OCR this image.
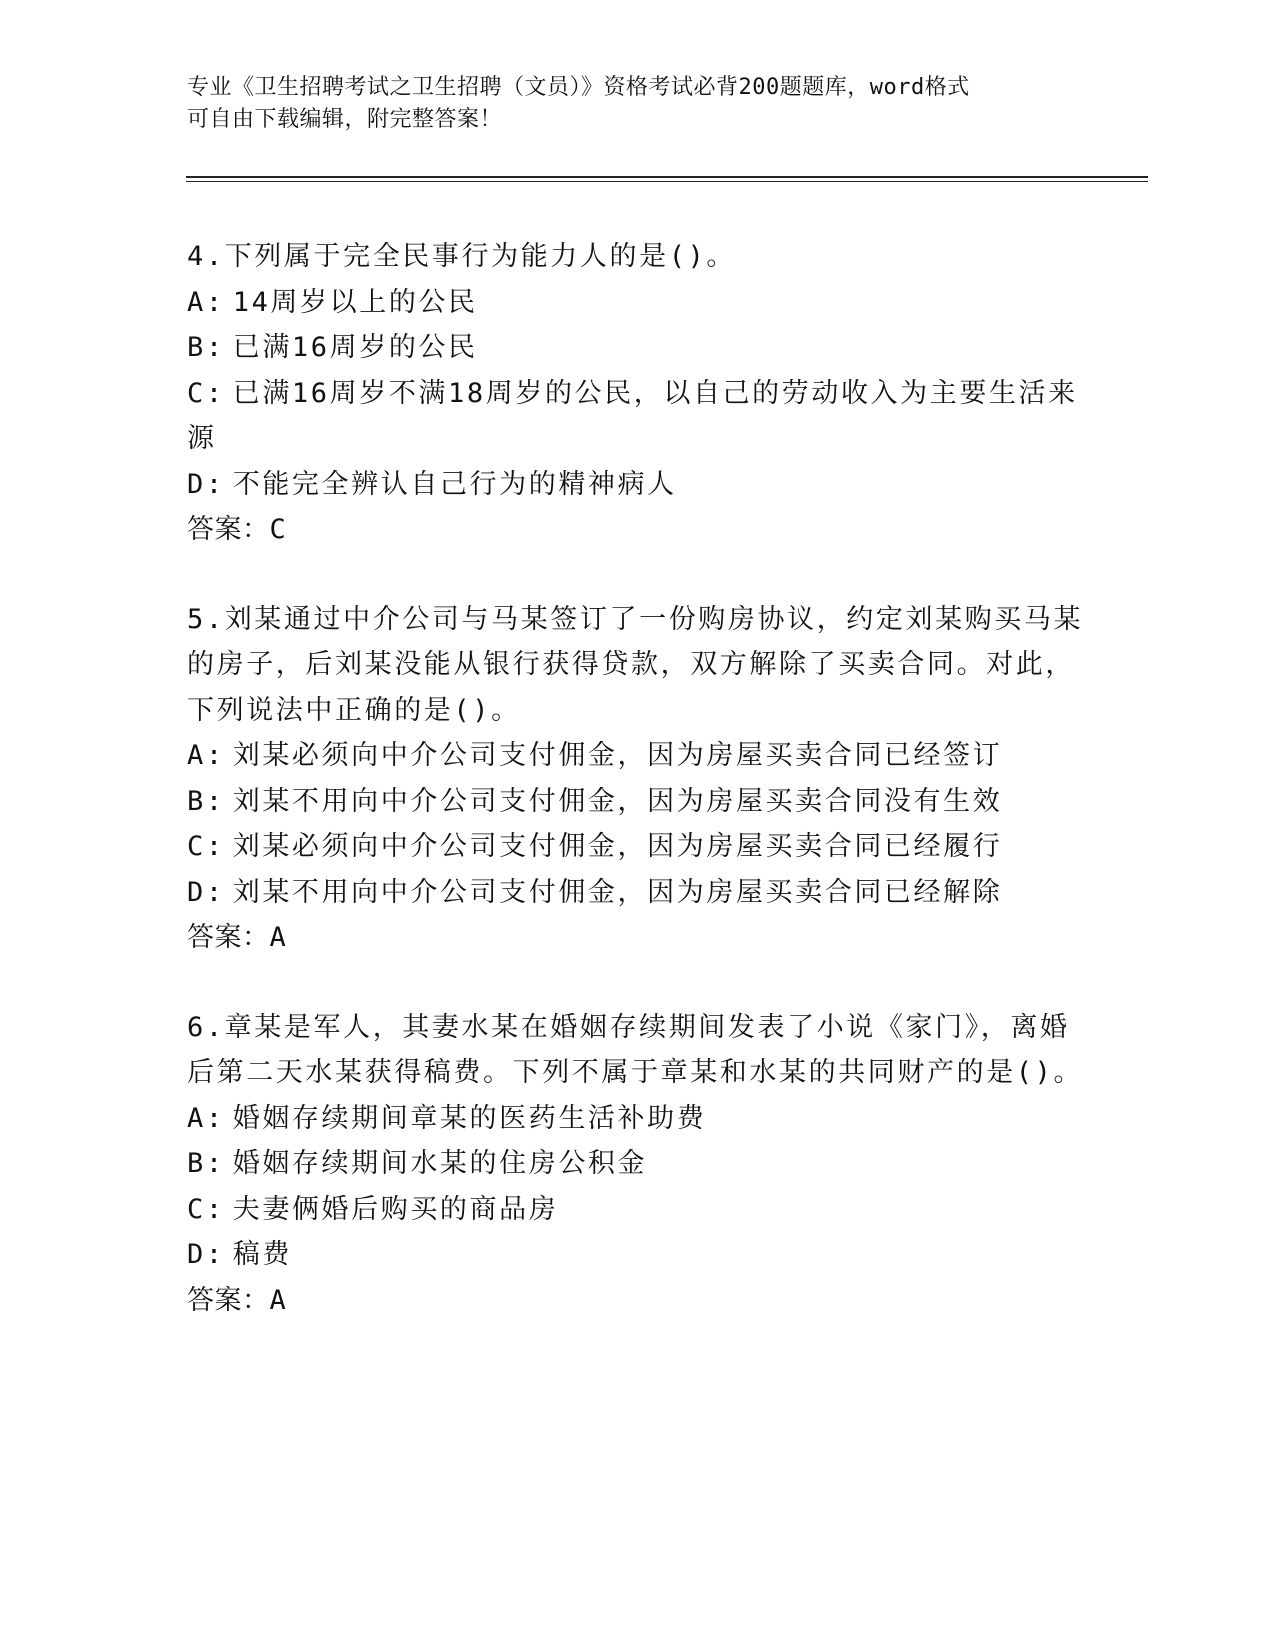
专业《卫生招聘考试之卫生招聘（文员）》资格考试必背200题题库，word格式
可自由下载编辑，附完整答案！
4.下列属于完全民事行为能力人的是()。
A: 14周岁以上的公民
B: 已满16周岁的公民
C: 已满16周岁不满18周岁的公民，以自己的劳动收入为主要生活来
源
D: 不能完全辨认自己行为的精神病人
答案：C
5.刘某通过中介公司与马某签订了一份购房协议，约定刘某购买马某
的房子，后刘某没能从银行获得贷款，双方解除了买卖合同。对此，
下列说法中正确的是()。
A: 刘某必须向中介公司支付佣金，因为房屋买卖合同已经签订
B: 刘某不用向中介公司支付佣金，因为房屋买卖合同没有生效
C: 刘某必须向中介公司支付佣金，因为房屋买卖合同已经履行
D: 刘某不用向中介公司支付佣金，因为房屋买卖合同已经解除
答案：A
6.章某是军人，其妻水某在婚姻存续期间发表了小说《家门》，离婚
后第二天水某获得稿费。下列不属于章某和水某的共同财产的是()。
A: 婚姻存续期间章某的医药生活补助费
B: 婚姻存续期间水某的住房公积金
C: 夫妻俩婚后购买的商品房
D: 稿费
答案：A
